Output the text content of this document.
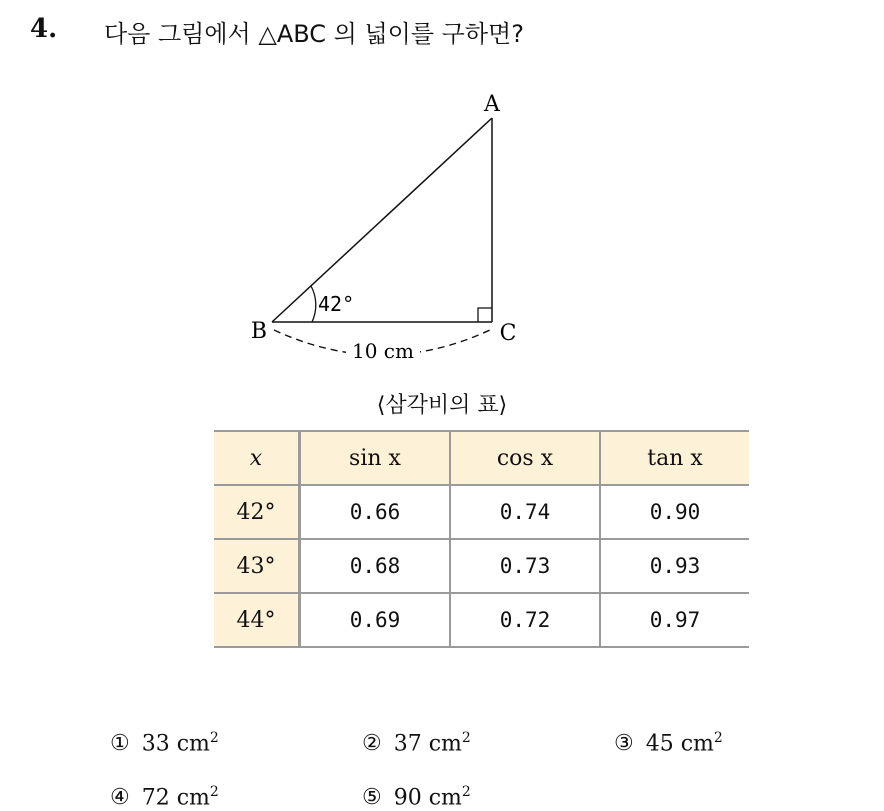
4. 다음 그림에서 △ABC 의 넓이를 구하면?
A
B	C
42°
10 cm
⟨삼각비의 표⟩
x	sin x	cos x	tan x
42°	0.66	0.74	0.90
43°	0.68	0.73	0.93
44°	0.69	0.72	0.97
① 33 $cm^2$	② 37 $cm^2$	③ 45 $cm^2$
④ 72 $cm^2$	⑤ 90 $cm^2$
